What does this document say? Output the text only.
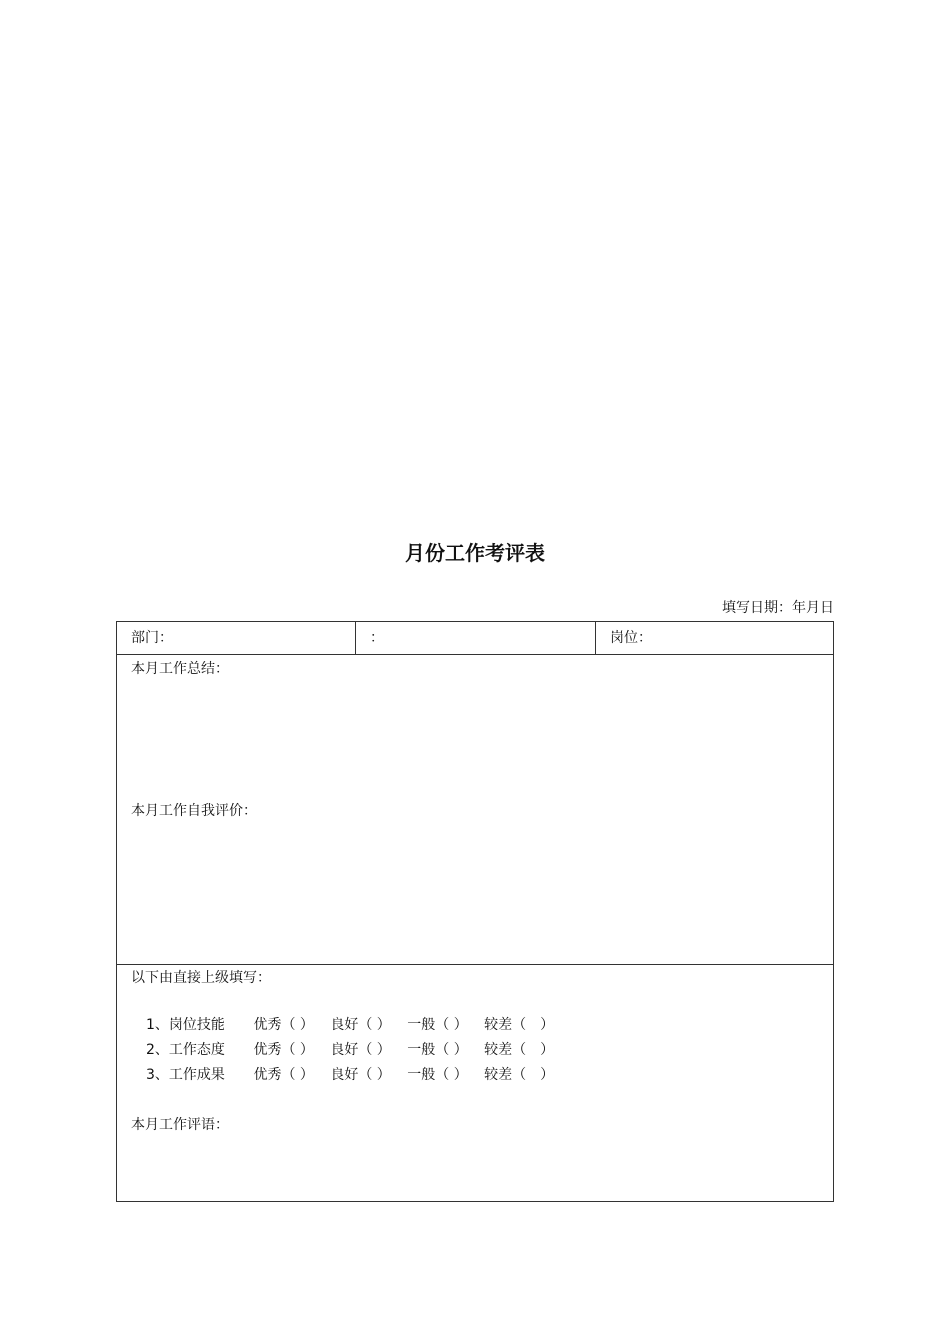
月份工作考评表
填写日期：年月日
部门：	：	岗位：
本月工作总结：
本月工作自我评价：
以下由直接上级填写：
1、岗位技能 优秀（ ） 良好（ ） 一般（ ） 较差（　）
2、工作态度 优秀（ ） 良好（ ） 一般（ ） 较差（　）
3、工作成果 优秀（ ） 良好（ ） 一般（ ） 较差（　）
本月工作评语：
